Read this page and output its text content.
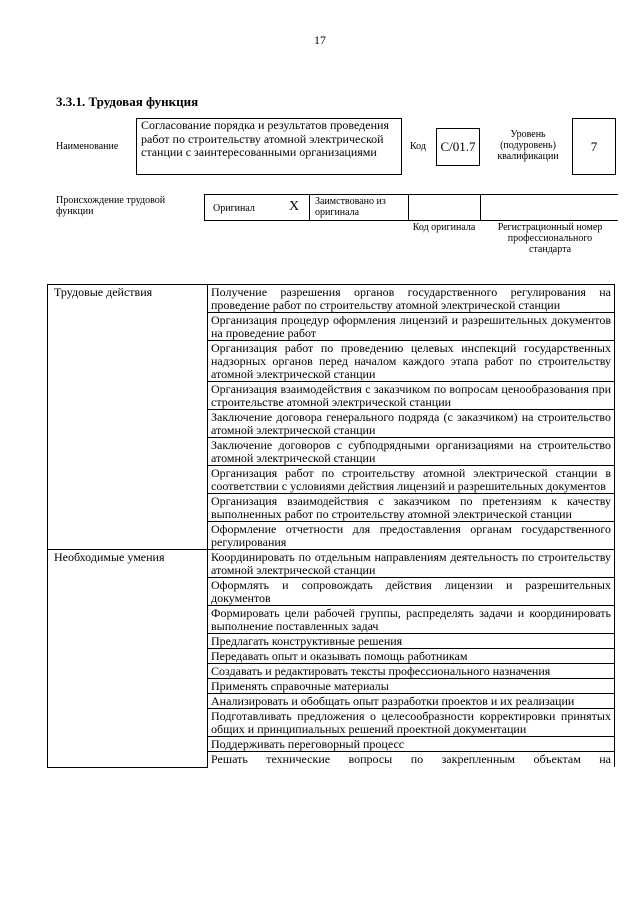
17
3.3.1. Трудовая функция
Наименование
Согласование порядка и результатов проведения работ по строительству атомной электрической станции с заинтересованными организациями	Код C/01.7
Уровень (подуровень) квалификации
7
Происхождение трудовой функции	Оригинал X Заимствовано из оригинала
Код оригинала	Регистрационный номер профессионального стандарта
Трудовые действия	Получение разрешения органов государственного регулирования на проведение работ по строительству атомной электрической станции
	Организация процедур оформления лицензий и разрешительных документов на проведение работ
	Организация работ по проведению целевых инспекций государственных надзорных органов перед началом каждого этапа работ по строительству атомной электрической станции
	Организация взаимодействия с заказчиком по вопросам ценообразования при строительстве атомной электрической станции
	Заключение договора генерального подряда (с заказчиком) на строительство атомной электрической станции
	Заключение договоров с субподрядными организациями на строительство атомной электрической станции
	Организация работ по строительству атомной электрической станции в соответствии с условиями действия лицензий и разрешительных документов
	Организация взаимодействия с заказчиком по претензиям к качеству выполненных работ по строительству атомной электрической станции
	Оформление отчетности для предоставления органам государственного регулирования
Необходимые умения	Координировать по отдельным направлениям деятельность по строительству атомной электрической станции
	Оформлять и сопровождать действия лицензии и разрешительных документов
	Формировать цели рабочей группы, распределять задачи и координировать выполнение поставленных задач
	Предлагать конструктивные решения
	Передавать опыт и оказывать помощь работникам
	Создавать и редактировать тексты профессионального назначения
	Применять справочные материалы
	Анализировать и обобщать опыт разработки проектов и их реализации
	Подготавливать предложения о целесообразности корректировки принятых общих и принципиальных решений проектной документации
	Поддерживать переговорный процесс

	Решать технические вопросы по закрепленным объектам на
